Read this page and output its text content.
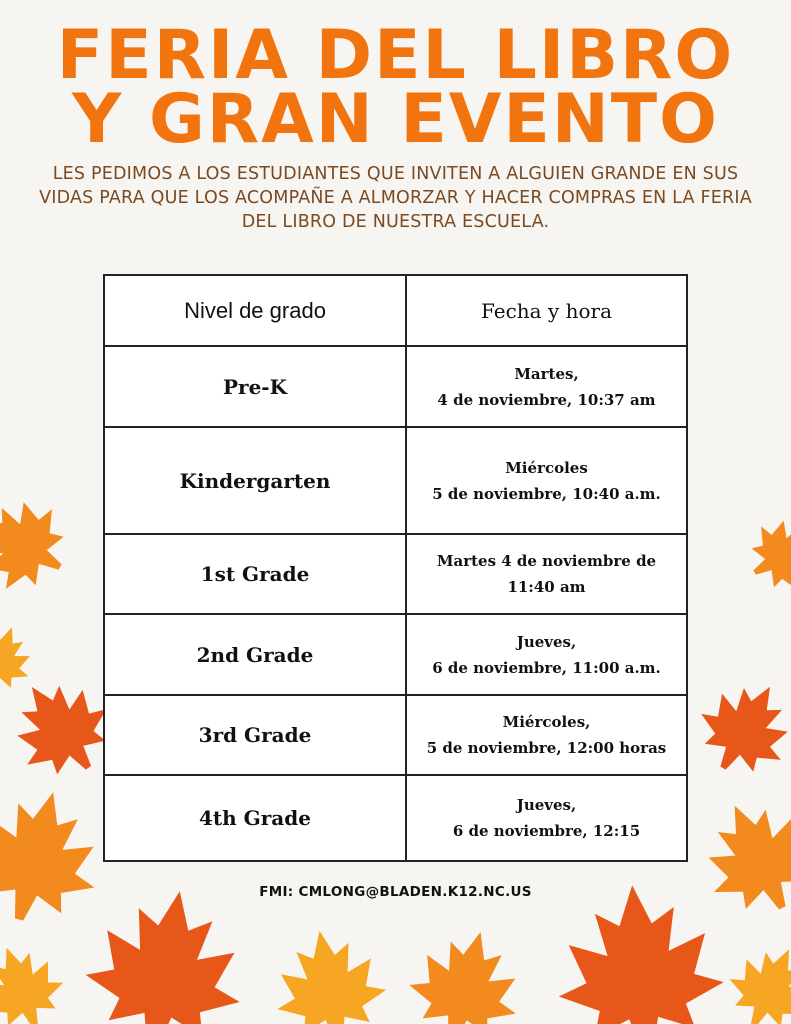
FERIA DEL LIBRO
Y GRAN EVENTO

LES PEDIMOS A LOS ESTUDIANTES QUE INVITEN A ALGUIEN GRANDE EN SUS
VIDAS PARA QUE LOS ACOMPAÑE A ALMORZAR Y HACER COMPRAS EN LA FERIA
DEL LIBRO DE NUESTRA ESCUELA.

Nivel de grado	Fecha y hora
Pre-K	Martes,
4 de noviembre, 10:37 am

Kindergarten	Miércoles
5 de noviembre, 10:40 a.m.

1st Grade	Martes 4 de noviembre de
11:40 am

2nd Grade	Jueves,
6 de noviembre, 11:00 a.m.

3rd Grade	Miércoles,
5 de noviembre, 12:00 horas

4th Grade	Jueves,
6 de noviembre, 12:15
FMI: CMLONG@BLADEN.K12.NC.US
